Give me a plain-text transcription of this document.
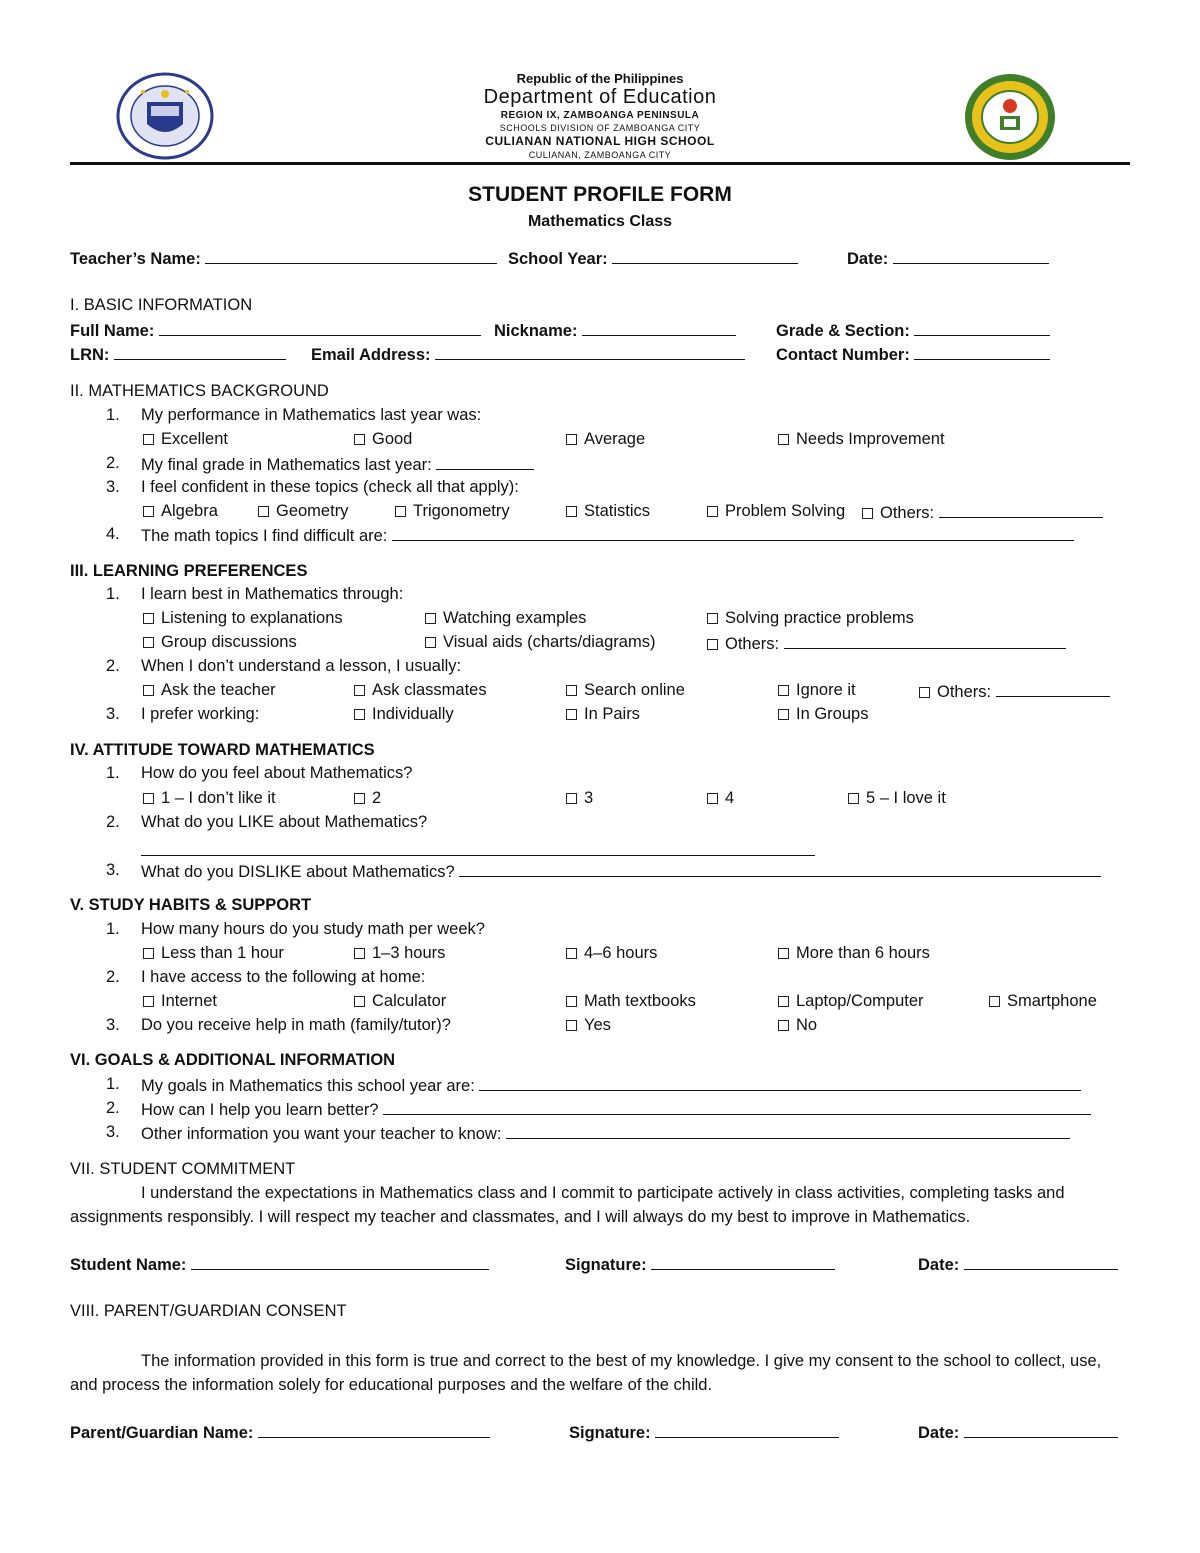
Republic of the Philippines
Department of Education
REGION IX, ZAMBOANGA PENINSULA
SCHOOLS DIVISION OF ZAMBOANGA CITY
CULIANAN NATIONAL HIGH SCHOOL
CULIANAN, ZAMBOANGA CITY
STUDENT PROFILE FORM
Mathematics Class
Teacher’s Name:	School Year:	Date:
I. BASIC INFORMATION
Full Name:	Nickname:	Grade & Section:
LRN:	Email Address:	Contact Number:
II. MATHEMATICS BACKGROUND
1. My performance in Mathematics last year was:
Excellent	Good	Average	Needs Improvement
2. My final grade in Mathematics last year:
3. I feel confident in these topics (check all that apply):
Algebra	Geometry	Trigonometry	Statistics	Problem Solving	Others:
4. The math topics I find difficult are:
III. LEARNING PREFERENCES
1. I learn best in Mathematics through:
Listening to explanations	Watching examples	Solving practice problems
Group discussions	Visual aids (charts/diagrams)	Others:
2. When I don’t understand a lesson, I usually:
Ask the teacher	Ask classmates	Search online	Ignore it	Others:
3. I prefer working:	Individually	In Pairs	In Groups
IV. ATTITUDE TOWARD MATHEMATICS
1. How do you feel about Mathematics?
1 – I don’t like it	2	3	4	5 – I love it
2. What do you LIKE about Mathematics?
3. What do you DISLIKE about Mathematics?
V. STUDY HABITS & SUPPORT
1. How many hours do you study math per week?
Less than 1 hour	1–3 hours	4–6 hours	More than 6 hours
2. I have access to the following at home:
Internet	Calculator	Math textbooks	Laptop/Computer	Smartphone
3. Do you receive help in math (family/tutor)?	Yes	No
VI. GOALS & ADDITIONAL INFORMATION
1. My goals in Mathematics this school year are:
2. How can I help you learn better?
3. Other information you want your teacher to know:
VII. STUDENT COMMITMENT
I understand the expectations in Mathematics class and I commit to participate actively in class activities, completing tasks and assignments responsibly. I will respect my teacher and classmates, and I will always do my best to improve in Mathematics.
Student Name:	Signature:	Date:
VIII. PARENT/GUARDIAN CONSENT
The information provided in this form is true and correct to the best of my knowledge. I give my consent to the school to collect, use, and process the information solely for educational purposes and the welfare of the child.
Parent/Guardian Name:	Signature:	Date:
